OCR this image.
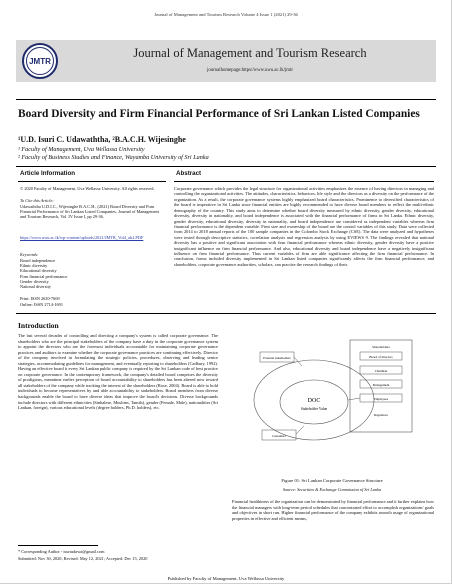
Journal of Management and Tourism Research Volume 4 Issue 1 (2021) 29-36
JMTR
Journal of Management and Tourism Research
journalhomepage:https//www.uwu.ac.lk/jmtr
Board Diversity and Firm Financial Performance of Sri Lankan Listed Companies
¹U.D. Isuri C. Udawaththa, ²B.A.C.H. Wijesinghe
¹ Faculty of Management, Uva Wellassa University
² Faculty of Business Studies and Finance, Wayamba University of Sri Lanka
Article Information
© 2020 Faculty of Management, Uva Wellassa University. All rights reserved.
To Cite this Article:
Udawaththa U.D.I.C., Wijesinghe B.A.C.H., (2021) Board Diversity and Firm Financial Performance of Sri Lankan Listed Companies, Journal of Management and Tourism Research, Vol. IV Issue I, pp 29-36,
https://www.uwu.ac.lk/wp-content/uploads/2021/JMTR_Vol4_ab2.PDF
Keywords:
Board independence
Ethnic diversity
Educational diversity
Firm financial performance
Gender diversity
National diversity
Print: ISSN 2630-7669
Online: ISSN 2714-1691
Abstract
Corporate governance which provides the legal structure for organizational activities emphasizes the essence of having directors in managing and controlling the organizational activities. The attitudes, characteristics, behaviors, life style and the directors as a diversity on the performance of the organization. As a result, the corporate governance systems highly emphasized board characteristics. Prominence to diversified characteristics of the board is imperative in Sri Lanka since financial entities are highly recommended to have diverse board members to reflect the multi-ethnic demography of the country. This study aims to determine whether board diversity measured by ethnic diversity, gender diversity, educational diversity, diversity in nationality, and board independence is associated with the financial performance of firms in Sri Lanka. Ethnic diversity, gender diversity, educational diversity, diversity in nationality, and board independence are considered as independent variables whereas firm financial performance is the dependent variable. Firm size and ownership of the board are the control variables of this study. Data were collected from 2014 to 2018 annual reports of the 100 sample companies in the Colombo Stock Exchange (CSE). The data were analyzed and hypotheses were tested through descriptive statistics, correlation analysis and regression analysis by using EVIEWS 9. The findings revealed that national diversity has a positive and significant association with firm financial performance whereas ethnic diversity, gender diversity have a positive insignificant influence on firm financial performance. And also, educational diversity and board independence have a negatively insignificant influence on firm financial performance. Thus current variables of firm are able significance affecting the firm financial performance. In conclusion, forms included diversity implemented in Sri Lankan listed companies significantly affects the firm financial performance, and shareholders, corporate governance authorities, scholars, can practise the research findings of their.
Introduction
The last several decades of controlling and directing a company's system is called corporate governance. The shareholders who are the principal stakeholders of the company have a duty in the corporate governance system to appoint the directors who are the foremost individuals accountable for maintaining corporate governance practices and auditors to examine whether the corporate governance practices are continuing effectively. Director of the company involved in formulating the strategic policies, procedures, observing and leading senior strategies, accommodating guidelines for management, and eventually reporting to shareholders (Cadbury, 1992). Having an effective board it every Sri Lankan public company is required by the Sri Lankan code of best practice on corporate governance. In the contemporary framework, the company's detailed board comprises the diversity of prodigious, meantime earlier perception of board accountability to shareholders has been altered now toward all stakeholders of the company while tracking the interest of the shareholders (Rose, 2004). Board is able to hold individuals to become representatives by and able accountability to stakeholders. Board members from diverse backgrounds enable the board to have diverse ideas that improve the board's decisions. Diverse backgrounds include directors with different ethnicities (Sinhalese, Muslims, Tamils), gender (Female, Male), nationalities (Sri Lankan, foreign), various educational levels (degree holders, Ph.D. holders), etc.
DOC
Stakeholder Value
External stakeholders
Shareholders
Board of directors
Chairman
Management
Employees
Customers
Regulators
Figure 01: Sri Lankan Corporate Governance Structure
Source: Securities & Exchange Commission of Sri Lanka
Financial healthiness of the organization can be demonstrated by financial performance and it further explains how the financial managers with long-term period schedules that concentrated effort to accomplish organizations' goals and objectives in short run. Higher financial performance of the company exhibits smooth usage of organizational properties in effective and efficient means,
* Corresponding Author - isuriudawa@gmail.com
Submitted: Nov 30, 2020; Revised: May 12, 2021; Accepted: Dec 15, 2020
Published by Faculty of Management, Uva Wellassa University
